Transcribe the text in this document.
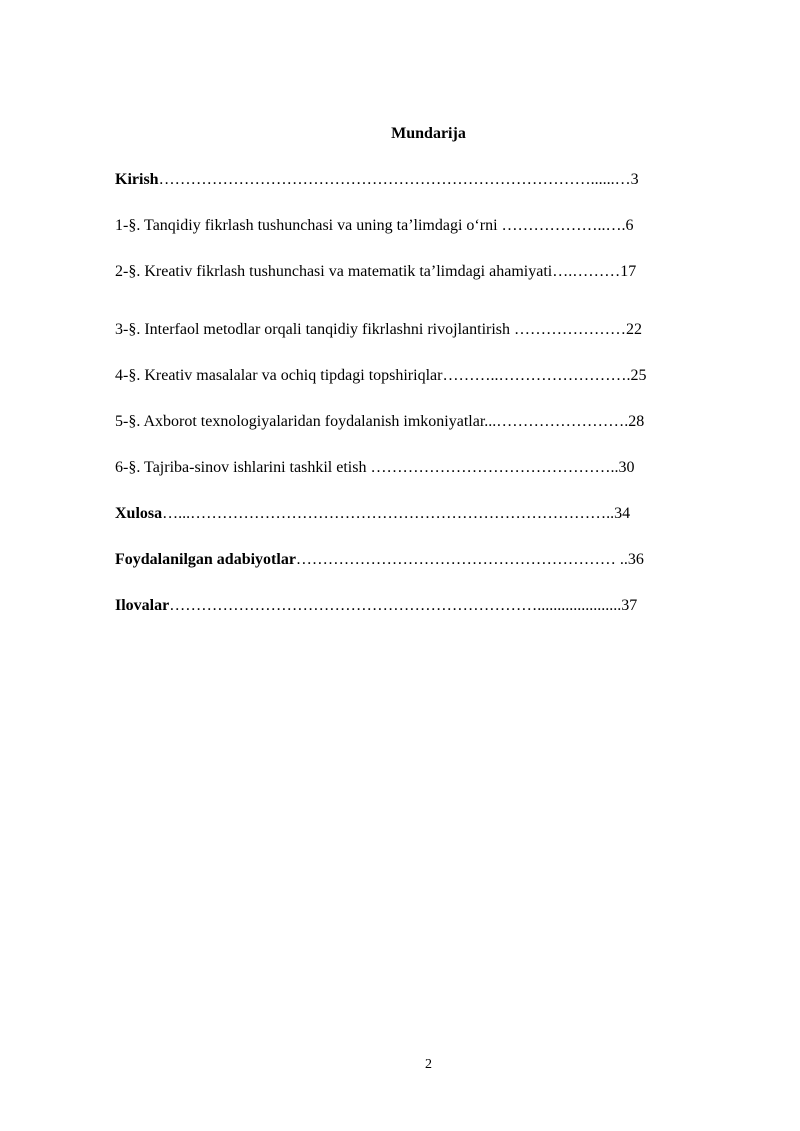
Mundarija
Kirish………………………………………………………………………......…3
1-§. Tanqidiy fikrlash tushunchasi va uning ta’limdagi o‘rni ………………..….6
2-§. Kreativ fikrlash tushunchasi va matematik ta’limdagi ahamiyati….………17
3-§. Interfaol metodlar orqali tanqidiy fikrlashni rivojlantirish …………………22
4-§. Kreativ masalalar va ochiq tipdagi topshiriqlar………..…………………….25
5-§. Axborot texnologiyalaridan foydalanish imkoniyatlar...…………………….28
6-§. Tajriba-sinov ishlarini tashkil etish ………………………………………..30
Xulosa…...……………………………………………………………………..34
Foydalanilgan adabiyotlar…………………………………………………… ..36
Ilovalar…………………………………………………………….....................37
2
